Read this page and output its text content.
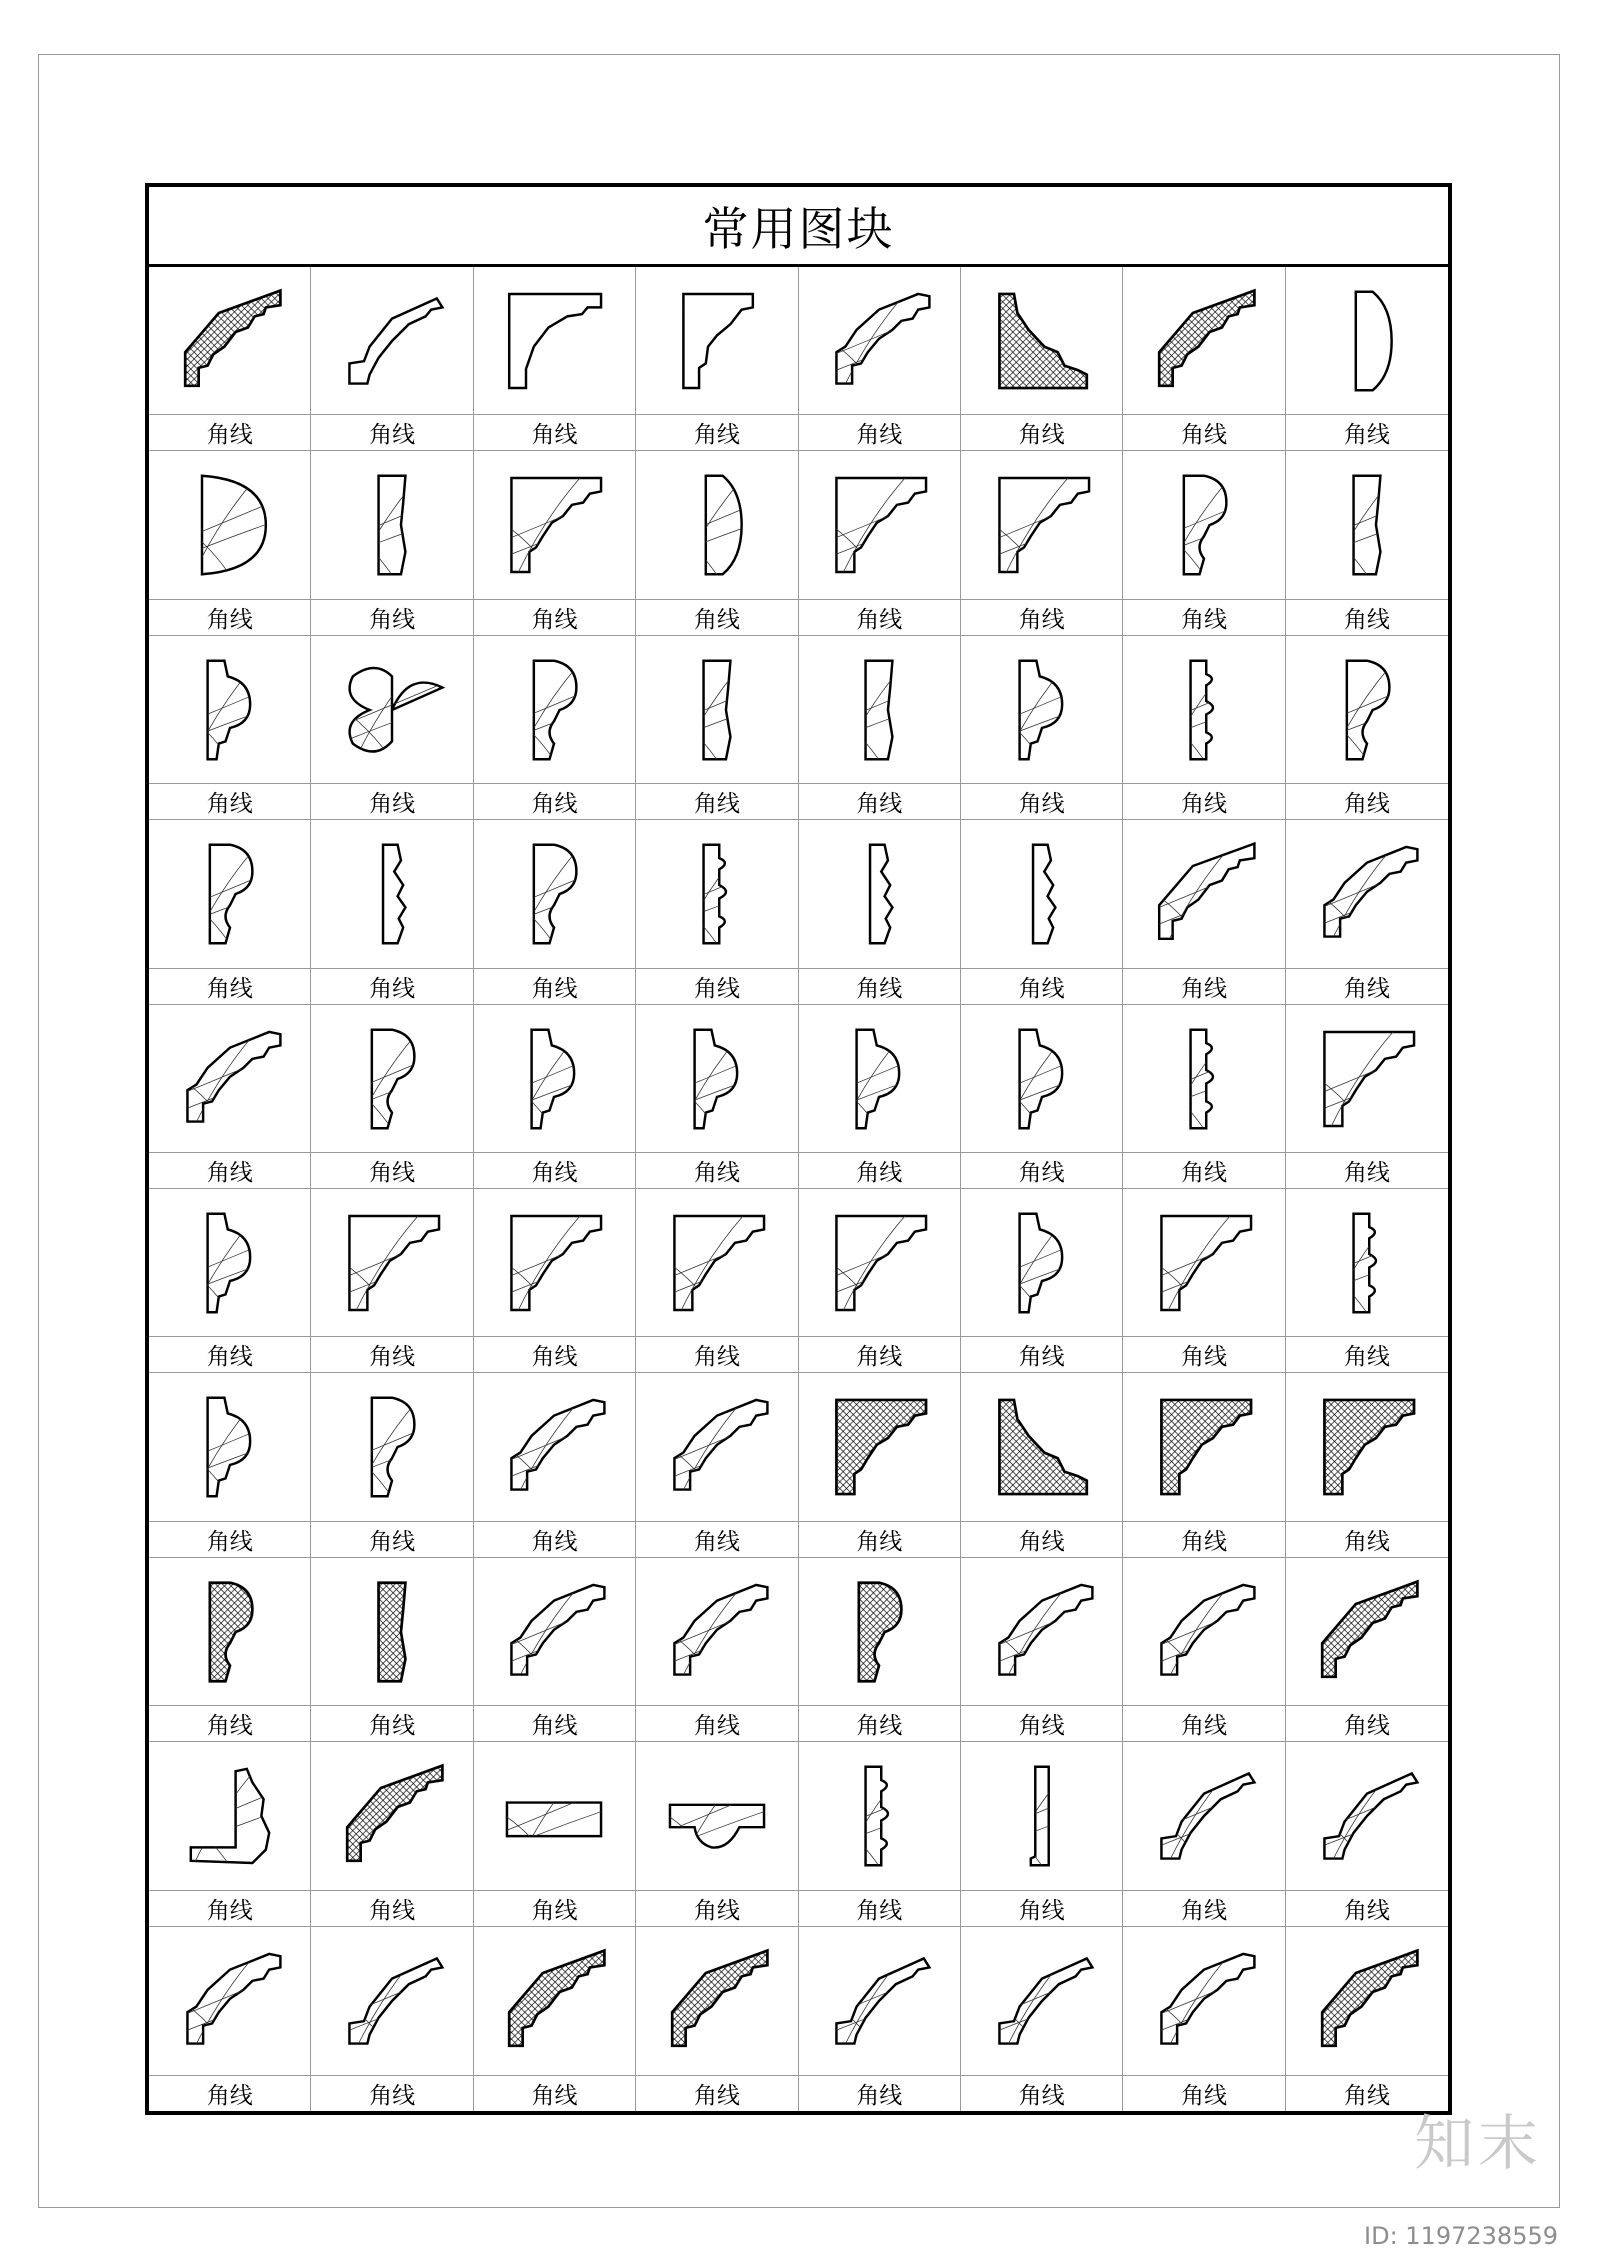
常用图块
角线	角线	角线	角线	角线	角线	角线	角线
角线	角线	角线	角线	角线	角线	角线	角线
角线	角线	角线	角线	角线	角线	角线	角线
角线	角线	角线	角线	角线	角线	角线	角线
角线	角线	角线	角线	角线	角线	角线	角线
角线	角线	角线	角线	角线	角线	角线	角线
角线	角线	角线	角线	角线	角线	角线	角线
角线	角线	角线	角线	角线	角线	角线	角线
角线	角线	角线	角线	角线	角线	角线	角线
角线	角线	角线	角线	角线	角线	角线	角线
知末
ID: 1197238559
